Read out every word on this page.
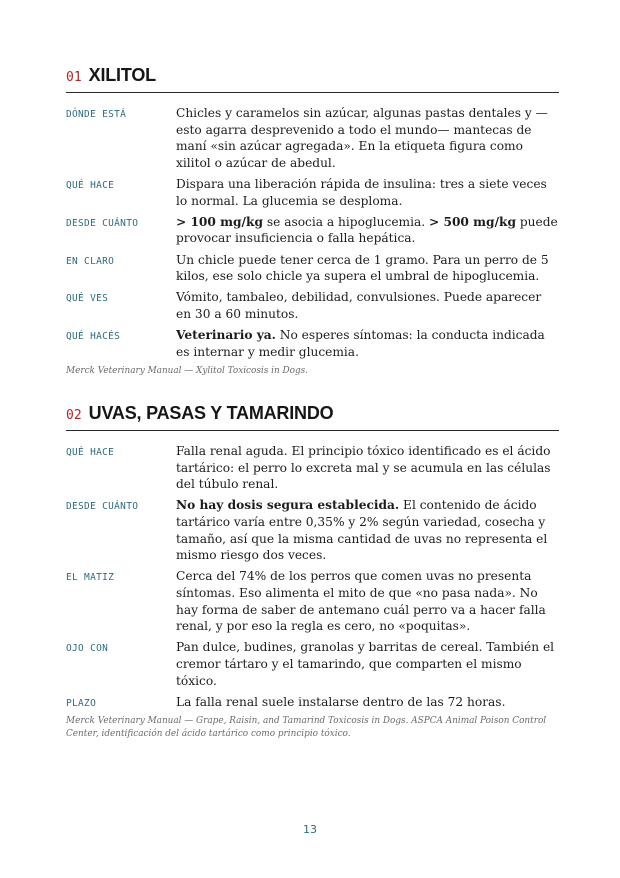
01 XILITOL
DÓNDE ESTÁ	Chicles y caramelos sin azúcar, algunas pastas dentales y —esto agarra desprevenido a todo el mundo— mantecas de maní «sin azúcar agregada». En la etiqueta figura como xilitol o azúcar de abedul.
QUÉ HACE	Dispara una liberación rápida de insulina: tres a siete veces lo normal. La glucemia se desploma.
DESDE CUÁNTO	> 100 mg/kg se asocia a hipoglucemia. > 500 mg/kg puede provocar insuficiencia o falla hepática.
EN CLARO	Un chicle puede tener cerca de 1 gramo. Para un perro de 5 kilos, ese solo chicle ya supera el umbral de hipoglucemia.
QUÉ VES	Vómito, tambaleo, debilidad, convulsiones. Puede aparecer en 30 a 60 minutos.
QUÉ HACÉS	Veterinario ya. No esperes síntomas: la conducta indicada es internar y medir glucemia.
Merck Veterinary Manual — Xylitol Toxicosis in Dogs.
02 UVAS, PASAS Y TAMARINDO
QUÉ HACE	Falla renal aguda. El principio tóxico identificado es el ácido tartárico: el perro lo excreta mal y se acumula en las células del túbulo renal.
DESDE CUÁNTO	No hay dosis segura establecida. El contenido de ácido tartárico varía entre 0,35% y 2% según variedad, cosecha y tamaño, así que la misma cantidad de uvas no representa el mismo riesgo dos veces.
EL MATIZ	Cerca del 74% de los perros que comen uvas no presenta síntomas. Eso alimenta el mito de que «no pasa nada». No hay forma de saber de antemano cuál perro va a hacer falla renal, y por eso la regla es cero, no «poquitas».
OJO CON	Pan dulce, budines, granolas y barritas de cereal. También el cremor tártaro y el tamarindo, que comparten el mismo tóxico.
PLAZO	La falla renal suele instalarse dentro de las 72 horas.
Merck Veterinary Manual — Grape, Raisin, and Tamarind Toxicosis in Dogs. ASPCA Animal Poison Control Center, identificación del ácido tartárico como principio tóxico.
13
